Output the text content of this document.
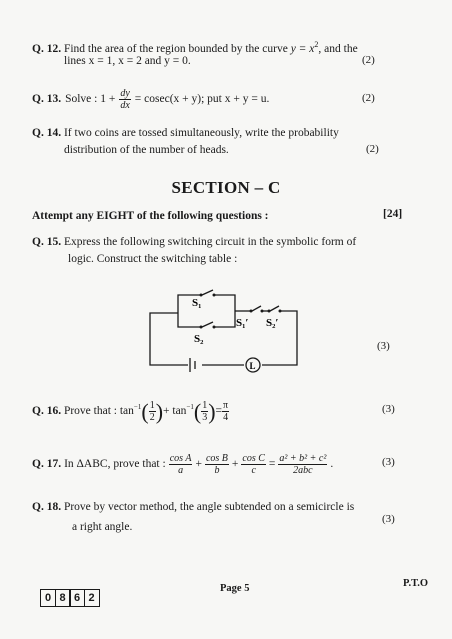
Q. 12. Find the area of the region bounded by the curve $y = x^2$, and the
lines x = 1, x = 2 and y = 0.	(2)
Q. 13. Solve : $1 + \frac{dy}{dx} = cosec(x + y)$; put x + y = u.	(2)
Q. 14. If two coins are tossed simultaneously, write the probability
distribution of the number of heads.	(2)
SECTION – C
Attempt any EIGHT of the following questions :	[24]
Q. 15. Express the following switching circuit in the symbolic form of
logic. Construct the switching table :
(3)
S₁
S₂
S₁′ S₂′
L
Q. 16.
Prove that : $\tan^{-1}$ ( $\frac{1}{2}$ ) + $\tan^{-1}$ ( $\frac{1}{3}$ ) = $\frac{\pi}{4}$	(3)
Q. 17. In ΔABC, prove that : $\frac{\text{cos A}}{a} + \frac{\text{cos B}}{b} + \frac{\text{cos C}}{c} = \frac{\text{a² + b² + c²}}{\text{2abc}}$ .	(3)
Q. 18. Prove by vector method, the angle subtended on a semicircle is
a right angle.
(3)
0 8 6 2
Page 5	P.T.O
